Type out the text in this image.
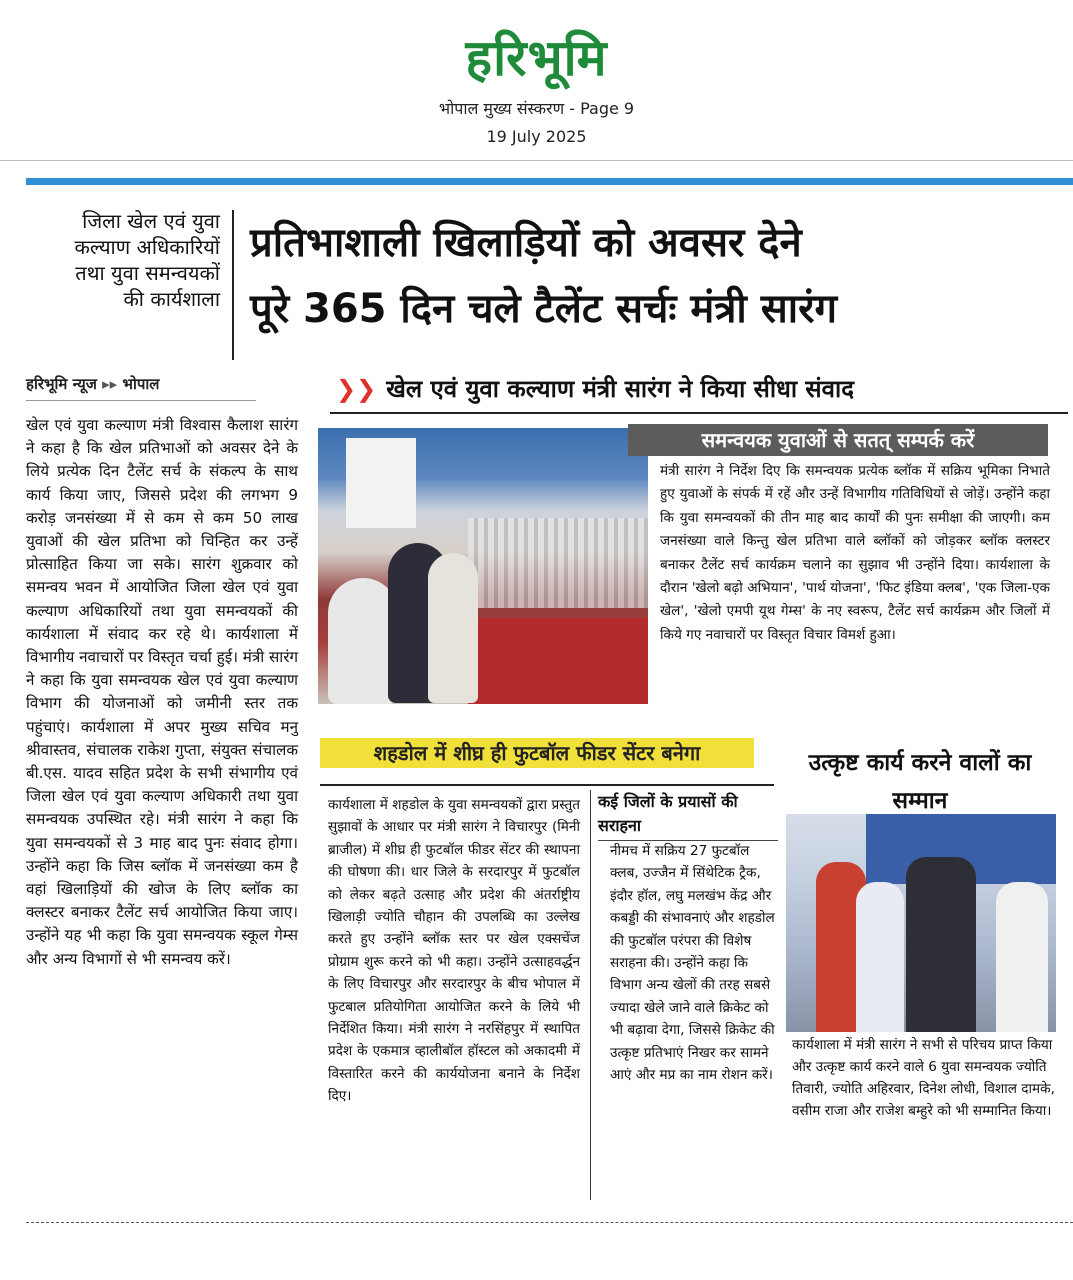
हरिभूमि
भोपाल मुख्य संस्करण - Page 9
19 July 2025
जिला खेल एवं युवा
कल्याण अधिकारियों
तथा युवा समन्वयकों
की कार्यशाला
प्रतिभाशाली खिलाड़ियों को अवसर देने
पूरे 365 दिन चले टैलेंट सर्चः मंत्री सारंग
हरिभूमि न्यूज ▸▸ भोपाल	❯❯ खेल एवं युवा कल्याण मंत्री सारंग ने किया सीधा संवाद
खेल एवं युवा कल्याण मंत्री विश्वास कैलाश सारंग ने कहा है कि खेल प्रतिभाओं को अवसर देने के लिये प्रत्येक दिन टैलेंट सर्च के संकल्प के साथ कार्य किया जाए, जिससे प्रदेश की लगभग 9 करोड़ जनसंख्या में से कम से कम 50 लाख युवाओं की खेल प्रतिभा को चिन्हित कर उन्हें प्रोत्साहित किया जा सके। सारंग शुक्रवार को समन्वय भवन में आयोजित जिला खेल एवं युवा कल्याण अधिकारियों तथा युवा समन्वयकों की कार्यशाला में संवाद कर रहे थे। कार्यशाला में विभागीय नवाचारों पर विस्तृत चर्चा हुई। मंत्री सारंग ने कहा कि युवा समन्वयक खेल एवं युवा कल्याण विभाग की योजनाओं को जमीनी स्तर तक पहुंचाएं। कार्यशाला में अपर मुख्य सचिव मनु श्रीवास्तव, संचालक राकेश गुप्ता, संयुक्त संचालक बी.एस. यादव सहित प्रदेश के सभी संभागीय एवं जिला खेल एवं युवा कल्याण अधिकारी तथा युवा समन्वयक उपस्थित रहे। मंत्री सारंग ने कहा कि युवा समन्वयकों से 3 माह बाद पुनः संवाद होगा। उन्होंने कहा कि जिस ब्लॉक में जनसंख्या कम है वहां खिलाड़ियों की खोज के लिए ब्लॉक का क्लस्टर बनाकर टैलेंट सर्च आयोजित किया जाए। उन्होंने यह भी कहा कि युवा समन्वयक स्कूल गेम्स और अन्य विभागों से भी समन्वय करें।
समन्वयक युवाओं से सतत् सम्पर्क करें
मंत्री सारंग ने निर्देश दिए कि समन्वयक प्रत्येक ब्लॉक में सक्रिय भूमिका निभाते हुए युवाओं के संपर्क में रहें और उन्हें विभागीय गतिविधियों से जोड़ें। उन्होंने कहा कि युवा समन्वयकों की तीन माह बाद कार्यों की पुनः समीक्षा की जाएगी। कम जनसंख्या वाले किन्तु खेल प्रतिभा वाले ब्लॉकों को जोड़कर ब्लॉक क्लस्टर बनाकर टैलेंट सर्च कार्यक्रम चलाने का सुझाव भी उन्होंने दिया। कार्यशाला के दौरान 'खेलो बढ़ो अभियान', 'पार्थ योजना', 'फिट इंडिया क्लब', 'एक जिला-एक खेल', 'खेलो एमपी यूथ गेम्स' के नए स्वरूप, टैलेंट सर्च कार्यक्रम और जिलों में किये गए नवाचारों पर विस्तृत विचार विमर्श हुआ।
शहडोल में शीघ्र ही फुटबॉल फीडर सेंटर बनेगा
कार्यशाला में शहडोल के युवा समन्वयकों द्वारा प्रस्तुत सुझावों के आधार पर मंत्री सारंग ने विचारपुर (मिनी ब्राजील) में शीघ्र ही फुटबॉल फीडर सेंटर की स्थापना की घोषणा की। धार जिले के सरदारपुर में फुटबॉल को लेकर बढ़ते उत्साह और प्रदेश की अंतर्राष्ट्रीय खिलाड़ी ज्योति चौहान की उपलब्धि का उल्लेख करते हुए उन्होंने ब्लॉक स्तर पर खेल एक्सचेंज प्रोग्राम शुरू करने को भी कहा। उन्होंने उत्साहवर्द्धन के लिए विचारपुर और सरदारपुर के बीच भोपाल में फुटबाल प्रतियोगिता आयोजित करने के लिये भी निर्देशित किया। मंत्री सारंग ने नरसिंहपुर में स्थापित प्रदेश के एकमात्र व्हालीबॉल हॉस्टल को अकादमी में विस्तारित करने की कार्ययोजना बनाने के निर्देश दिए।
कई जिलों के प्रयासों की सराहना
नीमच में सक्रिय 27 फुटबॉल क्लब, उज्जैन में सिंथेटिक ट्रैक, इंदौर हॉल, लघु मलखंभ केंद्र और कबड्डी की संभावनाएं और शहडोल की फुटबॉल परंपरा की विशेष सराहना की। उन्होंने कहा कि विभाग अन्य खेलों की तरह सबसे ज्यादा खेले जाने वाले क्रिकेट को भी बढ़ावा देगा, जिससे क्रिकेट की उत्कृष्ट प्रतिभाएं निखर कर सामने आएं और मप्र का नाम रोशन करें।
उत्कृष्ट कार्य करने वालों का सम्मान
कार्यशाला में मंत्री सारंग ने सभी से परिचय प्राप्त किया और उत्कृष्ट कार्य करने वाले 6 युवा समन्वयक ज्योति तिवारी, ज्योति अहिरवार, दिनेश लोधी, विशाल दामके, वसीम राजा और राजेश बम्हुरे को भी सम्मानित किया।
